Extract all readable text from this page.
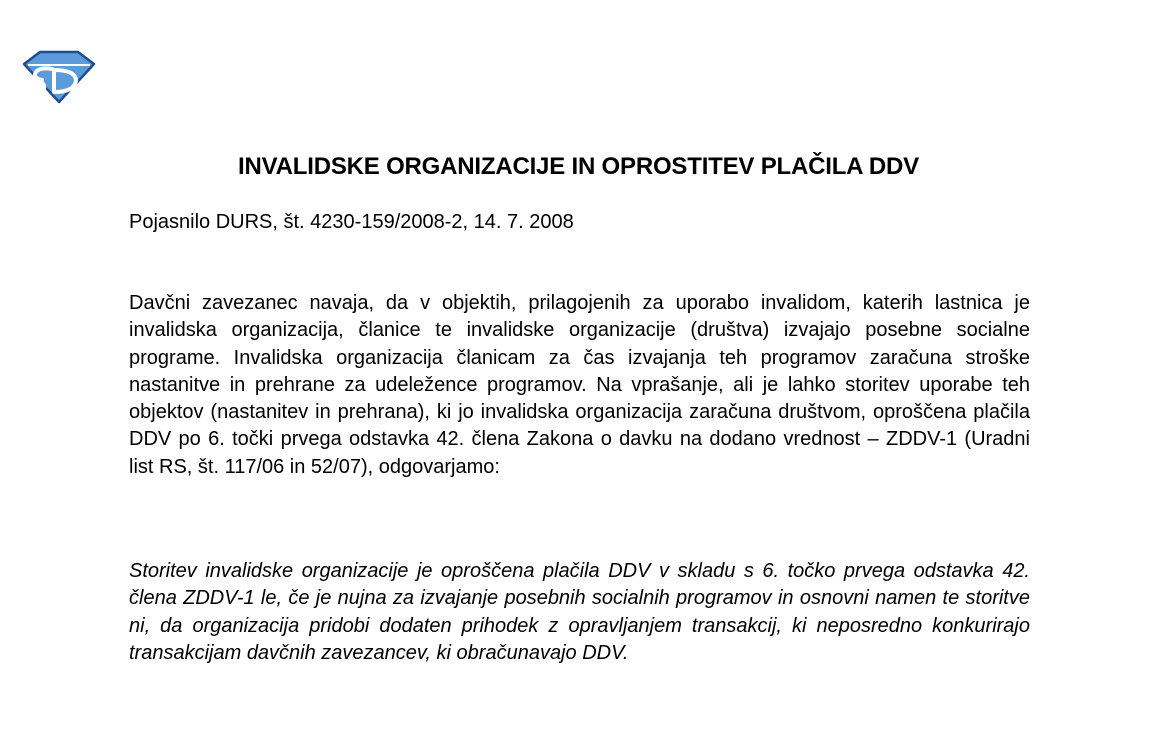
INVALIDSKE ORGANIZACIJE IN OPROSTITEV PLAČILA DDV

Pojasnilo DURS, št. 4230-159/2008-2, 14. 7. 2008

Davčni zavezanec navaja, da v objektih, prilagojenih za uporabo invalidom, katerih lastnica je invalidska organizacija, članice te invalidske organizacije (društva) izvajajo posebne socialne programe. Invalidska organizacija članicam za čas izvajanja teh programov zaračuna stroške nastanitve in prehrane za udeležence programov. Na vprašanje, ali je lahko storitev uporabe teh objektov (nastanitev in prehrana), ki jo invalidska organizacija zaračuna društvom, oproščena plačila DDV po 6. točki prvega odstavka 42. člena Zakona o davku na dodano vrednost – ZDDV-1 (Uradni list RS, št. 117/06 in 52/07), odgovarjamo:

Storitev invalidske organizacije je oproščena plačila DDV v skladu s 6. točko prvega odstavka 42. člena ZDDV-1 le, če je nujna za izvajanje posebnih socialnih programov in osnovni namen te storitve ni, da organizacija pridobi dodaten prihodek z opravljanjem transakcij, ki neposredno konkurirajo transakcijam davčnih zavezancev, ki obračunavajo DDV.
